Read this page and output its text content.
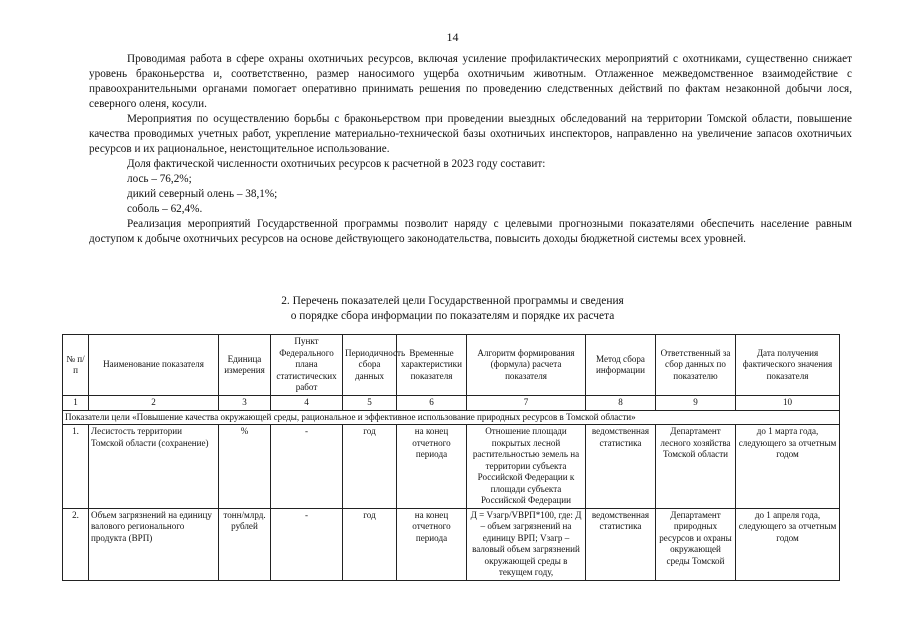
14

Проводимая работа в сфере охраны охотничьих ресурсов, включая усиление профилактических мероприятий с охотниками, существенно снижает уровень браконьерства и, соответственно, размер наносимого ущерба охотничьим животным. Отлаженное межведомственное взаимодействие с правоохранительными органами помогает оперативно принимать решения по проведению следственных действий по фактам незаконной добычи лося, северного оленя, косули.

Мероприятия по осуществлению борьбы с браконьерством при проведении выездных обследований на территории Томской области, повышение качества проводимых учетных работ, укрепление материально-технической базы охотничьих инспекторов, направленно на увеличение запасов охотничьих ресурсов и их рациональное, неистощительное использование.

Доля фактической численности охотничьих ресурсов к расчетной в 2023 году составит:

лось – 76,2%;

дикий северный олень – 38,1%;

соболь – 62,4%.

Реализация мероприятий Государственной программы позволит наряду с целевыми прогнозными показателями обеспечить население равным доступом к добыче охотничьих ресурсов на основе действующего законодательства, повысить доходы бюджетной системы всех уровней.

2. Перечень показателей цели Государственной программы и сведения
о порядке сбора информации по показателям и порядке их расчета
№ п/п	Наименование показателя	Единица измерения	Пункт Федерального плана статистических работ	Периодичность сбора данных	Временные характеристики показателя	Алгоритм формирования (формула) расчета показателя	Метод сбора информации	Ответственный за сбор данных по показателю	Дата получения фактического значения показателя
1	2	3	4	5	6	7	8	9	10
Показатели цели «Повышение качества окружающей среды, рациональное и эффективное использование природных ресурсов в Томской области»									
1.	Лесистость территории Томской области (сохранение)	%	-	год	на конец отчетного периода	Отношение площади покрытых лесной растительностью земель на территории субъекта Российской Федерации к площади субъекта Российской Федерации	ведомственная статистика	Департамент лесного хозяйства Томской области	до 1 марта года, следующего за отчетным годом
2.	Объем загрязнений на единицу валового регионального продукта (ВРП)	тонн/млрд. рублей	-	год	на конец отчетного периода	Д = Vзагр/VВРП*100, где: Д – объем загрязнений на единицу ВРП; Vзагр – валовый объем загрязнений окружающей среды в текущем году,	ведомственная статистика	Департамент природных ресурсов и охраны окружающей среды Томской	до 1 апреля года, следующего за отчетным годом
